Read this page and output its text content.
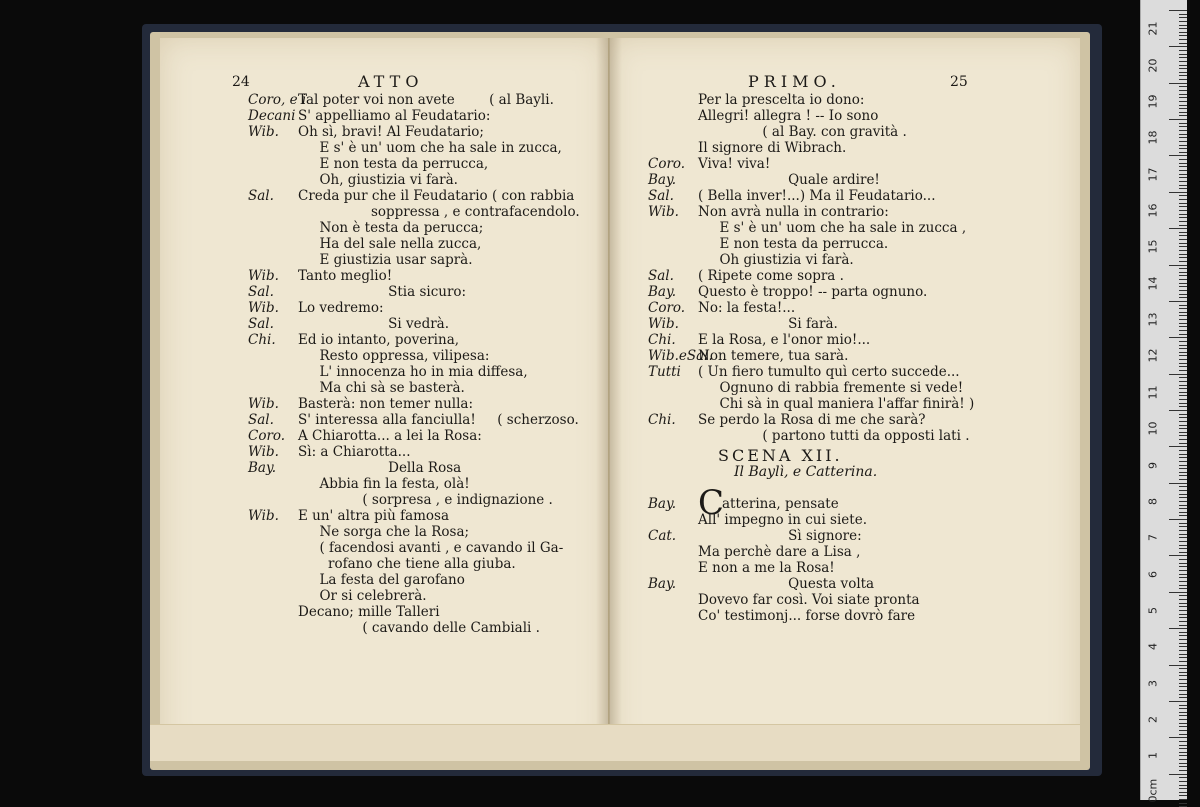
24	ATTO
Coro, e i
Tal poter voi non avete        ( al Bayli.
Decani S' appelliamo al Feudatario:
Wib. Oh sì, bravi! Al Feudatario;
E s' è un' uom che ha sale in zucca,
E non testa da perrucca,
Oh, giustizia vi farà.
Sal. Creda pur che il Feudatario ( con rabbia
soppressa , e contrafacendolo.
Non è testa da perucca;
Ha del sale nella zucca,
E giustizia usar saprà.
Wib. Tanto meglio!
Sal. Stia sicuro:
Wib. Lo vedremo:
Sal. Si vedrà.
Chi. Ed io intanto, poverina,
Resto oppressa, vilipesa:
L' innocenza ho in mia diffesa,
Ma chi sà se basterà.
Wib. Basterà: non temer nulla:
Sal. S' interessa alla fanciulla!     ( scherzoso.
Coro. A Chiarotta... a lei la Rosa:
Wib. Sì: a Chiarotta...
Bay. Della Rosa
Abbia fin la festa, olà!
( sorpresa , e indignazione .
Wib. E un' altra più famosa
Ne sorga che la Rosa;
( facendosi avanti , e cavando il Ga-
rofano che tiene alla giuba.
La festa del garofano
Or si celebrerà.
Decano; mille Talleri
( cavando delle Cambiali .
PRIMO.	25
Per la prescelta io dono:
Allegri! allegra ! -- Io sono
( al Bay. con gravità .
Il signore di Wibrach.
Coro. Viva! viva!
Bay. Quale ardire!
Sal. ( Bella inver!...) Ma il Feudatario...
Wib. Non avrà nulla in contrario:
E s' è un' uom che ha sale in zucca ,
E non testa da perrucca.
Oh giustizia vi farà.
Sal. ( Ripete come sopra .
Bay. Questo è troppo! -- parta ognuno.
Coro. No: la festa!...
Wib. Si farà.
Chi. E la Rosa, e l'onor mio!...
Wib.eSal.
Non temere, tua sarà.
Tutti ( Un fiero tumulto quì certo succede...
Ognuno di rabbia fremente si vede!
Chi sà in qual maniera l'affar finirà! )
Chi. Se perdo la Rosa di me che sarà?
( partono tutti da opposti lati .
SCENA XII.
Il Baylì, e Catterina.
Bay. C
atterina, pensate
All' impegno in cui siete.
Cat. Sì signore:
Ma perchè dare a Lisa ,
E non a me la Rosa!
Bay. Questa volta
Dovevo far così. Voi siate pronta
Co' testimonj... forse dovrò fare
21
20
19
18
17
16
15
14
13
12
11
10
9
8
7
6
5
4
3
2
1
0cm
